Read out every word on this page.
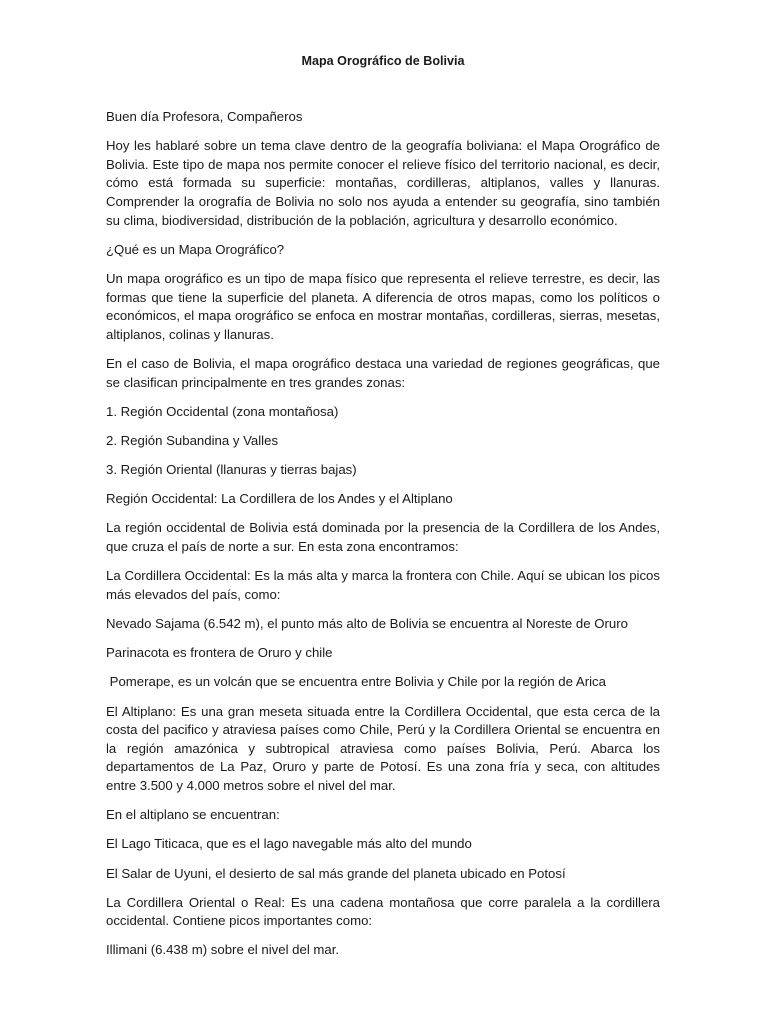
Mapa Orográfico de Bolivia

Buen día Profesora, Compañeros

Hoy les hablaré sobre un tema clave dentro de la geografía boliviana: el Mapa Orográfico de Bolivia. Este tipo de mapa nos permite conocer el relieve físico del territorio nacional, es decir, cómo está formada su superficie: montañas, cordilleras, altiplanos, valles y llanuras. Comprender la orografía de Bolivia no solo nos ayuda a entender su geografía, sino también su clima, biodiversidad, distribución de la población, agricultura y desarrollo económico.

¿Qué es un Mapa Orográfico?

Un mapa orográfico es un tipo de mapa físico que representa el relieve terrestre, es decir, las formas que tiene la superficie del planeta. A diferencia de otros mapas, como los políticos o económicos, el mapa orográfico se enfoca en mostrar montañas, cordilleras, sierras, mesetas, altiplanos, colinas y llanuras.

En el caso de Bolivia, el mapa orográfico destaca una variedad de regiones geográficas, que se clasifican principalmente en tres grandes zonas:

1. Región Occidental (zona montañosa)

2. Región Subandina y Valles

3. Región Oriental (llanuras y tierras bajas)

Región Occidental: La Cordillera de los Andes y el Altiplano

La región occidental de Bolivia está dominada por la presencia de la Cordillera de los Andes, que cruza el país de norte a sur. En esta zona encontramos:

La Cordillera Occidental: Es la más alta y marca la frontera con Chile. Aquí se ubican los picos más elevados del país, como:

Nevado Sajama (6.542 m), el punto más alto de Bolivia se encuentra al Noreste de Oruro

Parinacota es frontera de Oruro y chile

Pomerape, es un volcán que se encuentra entre Bolivia y Chile por la región de Arica

El Altiplano: Es una gran meseta situada entre la Cordillera Occidental, que esta cerca de la costa del pacifico y atraviesa países como Chile, Perú y la Cordillera Oriental se encuentra en la región amazónica y subtropical atraviesa como países Bolivia, Perú. Abarca los departamentos de La Paz, Oruro y parte de Potosí. Es una zona fría y seca, con altitudes entre 3.500 y 4.000 metros sobre el nivel del mar.

En el altiplano se encuentran:

El Lago Titicaca, que es el lago navegable más alto del mundo

El Salar de Uyuni, el desierto de sal más grande del planeta ubicado en Potosí

La Cordillera Oriental o Real: Es una cadena montañosa que corre paralela a la cordillera occidental. Contiene picos importantes como:

Illimani (6.438 m) sobre el nivel del mar.
